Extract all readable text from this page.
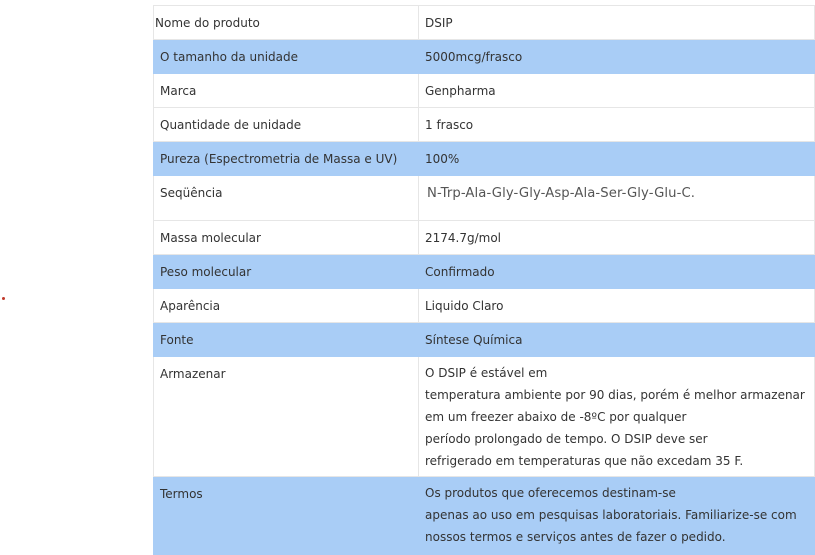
Nome do produto	DSIP
O tamanho da unidade	5000mcg/frasco
Marca	Genpharma
Quantidade de unidade	1 frasco
Pureza (Espectrometria de Massa e UV)	100%
Seqüência	N-Trp-Ala-Gly-Gly-Asp-Ala-Ser-Gly-Glu-C.
Massa molecular	2174.7g/mol
Peso molecular	Confirmado
Aparência	Liquido Claro
Fonte	Síntese Química
Armazenar	O DSIP é estável em
temperatura ambiente por 90 dias, porém é melhor armazenar
em um freezer abaixo de -8ºC por qualquer
período prolongado de tempo. O DSIP deve ser
refrigerado em temperaturas que não excedam 35 F.

Termos	Os produtos que oferecemos destinam-se
apenas ao uso em pesquisas laboratoriais. Familiarize-se com
nossos termos e serviços antes de fazer o pedido.
